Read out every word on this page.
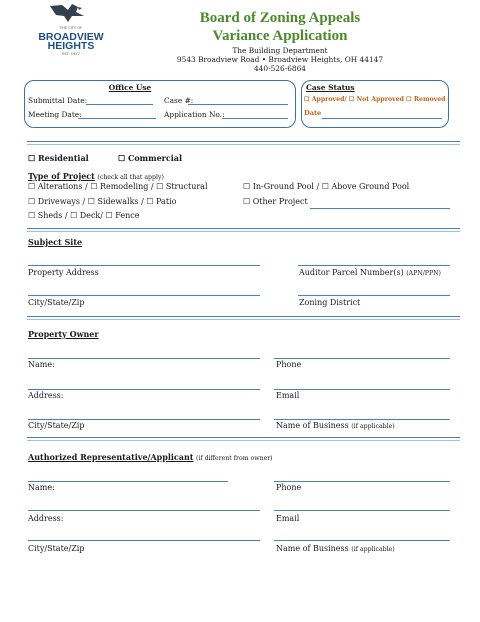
THE CITY OF
BROADVIEW
HEIGHTS
EST. 1927
Board of Zoning Appeals
Variance Application
The Building Department
9543 Broadview Road • Broadview Heights, OH 44147
440-526-6864
Office Use
Submittal Date:	Case #:
Meeting Date:	Application No.:
Case Status
☐ Approved/ ☐ Not Approved ☐ Removed
Date
☐ Residential	☐ Commercial
Type of Project (check all that apply)
☐ Alterations / ☐ Remodeling / ☐ Structural	☐ In-Ground Pool / ☐ Above Ground Pool
☐ Driveways / ☐ Sidewalks / ☐ Patio	☐ Other Project
☐ Sheds / ☐ Deck/ ☐ Fence
Subject Site
Property Address	Auditor Parcel Number(s) (APN/PPN)
City/State/Zip	Zoning District
Property Owner
Name:	Phone
Address:	Email
City/State/Zip	Name of Business (if applicable)
Authorized Representative/Applicant (if different from owner)
Name:	Phone
Address:	Email
City/State/Zip	Name of Business (if applicable)
